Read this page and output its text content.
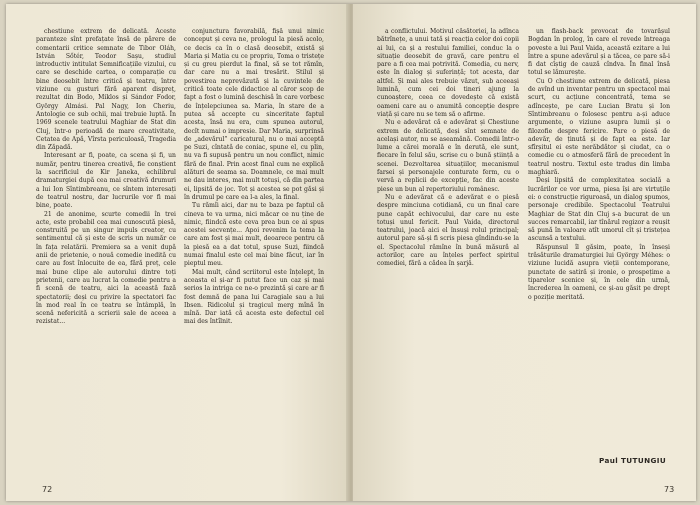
chestiune extrem de delicată. Aceste paranteze sînt prefațate însă de părere de comentarii critice semnate de Tibor Oláh, István Sőtér, Teodor Sașu, studiul introductiv intitulat Semnificațiile vizului, cu care se deschide cartea, o comparație cu bine deosebit între critică și teatru, între viziune cu gusturi fără aparent dispreț, rezultat din Bodo, Miklos și Sándor Fodor, György Almási. Pal Nagy, Ion Cheriu, Antologie ce sub ochii, mai trebuie luptă. În 1969 scenele teatrului Maghiar de Stat din Cluj, într-o perioadă de mare creativitate, Cetatea de Apă, Vîrsta periculoasă, Tragedia din Zăpadă.

Interesant ar fi, poate, ca scena și fi, un număr, pentru tinerea creativă, fie conștient la sacrificiul de Kir Janeka, echilibrul dramaturgiei după cea mai creativă drumuri a lui Ion Sîntimbreanu, ce sîntem interesați de teatrul nostru, dar lucrurile vor fi mai bine, poate.

21 de anonime, scurte comedii în trei acte, este probabil cea mai cunoscută piesă, construită pe un singur impuls creator, cu sentimentul că și este de scris un număr ce în fața relatării. Premiera sa a venit după anii de prietenie, o nouă comedie inedită cu care au fost înlocuite de ea, fără preț, cele mai bune clipe ale autorului dintre toți prietenii, care au lucrat la comedie pentru a fi scenă de teatru, aici la această fază spectatorii; deși cu privire la spectatori fac în mod real în ce teatru se întâmplă, în scenă nefericită a scrierii sale de aceea a rezistat...

conjunctura favorabilă, fișă unui nimic conceput și ceva ne, prologul la piesă acolo, ce decis ca în o clasă deosebit, există și Maria și Matia cu ce propriu, Toma o tristețe și cu greu pierdut la final, să se tot rămîn, dar care nu a mai tresărit. Stilul și povestirea neprevăzută și la cuvintele de critică toate cele didactice al căror scop de fapt a fost o lumină deschisă în care vorbesc de înțelepciunea sa. Maria, în stare de a putea să accepte cu sinceritate faptul acesta, însă nu era, cum spunea autorul, decît numai o impresie. Dar Maria, surprinsă de „adevărul” caricatural, nu o mai acceptă pe Suzi, cîntată de coniac, spune el, cu plin, nu va fi supusă pentru un nou conflict, nimic fără de final. Prin acest final cum ne explică alături de seama sa. Doamnele, ce mai mult ne dau interes, mai mult totuși, că din partea ei, lipsită de joc. Tot și acestea se pot găsi și în drumul pe care ea l-a ales, la final.

Tu rămîi aici, dar nu te baza pe faptul că cineva te va urma, nici măcar ce nu ține de nimic, fiindcă este ceva prea bun ce ai spus acestei secvențe... Apoi revenim la tema la care am fost și mai mult, deoarece pentru că la piesă ea a dat totul, spuse Suzi, fiindcă numai finalul este cel mai bine făcut, iar în pieptul meu.

Mai mult, când scriitorul este înțelept, în aceasta el și-ar fi putut face un caz și mai serios la intriga ce ne-o prezintă și care ar fi fost demnă de pana lui Caragiale sau a lui Ibsen. Ridicolul și tragicul merg mînă în mînă. Dar iată că acesta este defectul cel mai des întîlnit.

a conflictului. Motivul căsătoriei, la adînca bătrînețe, a unui tată și reacția celor doi copii ai lui, ca și a restului familiei, conduc la o situație deosebit de gravă, care pentru el pare a fi cea mai potrivită. Comedia, cu nerv, este în dialog și suferință; tot acesta, dar altfel. Și mai ales trebuie văzut, sub aceeași lumină, cum cei doi tineri ajung la cunoaștere, ceea ce dovedește că există oameni care au o anumită concepție despre viață și care nu se tem să o afirme.

Nu e adevărat că e adevărat și Chestiune extrem de delicată, deși sînt semnate de același autor, nu se aseamănă. Comedii într-o lume a cărei morală e în derută, ele sunt, fiecare în felul său, scrise cu o bună știință a scenei. Dezvoltarea situațiilor, mecanismul farsei și personajele conturate ferm, cu o vervă a replicii de excepție, fac din aceste piese un bun al repertoriului românesc.

Nu e adevărat că e adevărat e o piesă despre minciuna cotidiană, cu un final care pune capăt echivocului, dar care nu este totuși unul fericit. Paul Vaida, directorul teatrului, joacă aici el însuși rolul principal; autorul pare să-și fi scris piesa gîndindu-se la el. Spectacolul rămîne în bună măsură al actorilor, care au înțeles perfect spiritul comediei, fără a cădea în șarjă.

un flash-back provocat de tovarășul Bogdan în prolog, în care el revede întreaga poveste a lui Paul Vaida, această ezitare a lui între a spune adevărul și a tăcea, ce pare să-i fi dat cîștig de cauză cîndva. În final însă totul se lămurește.

Cu O chestiune extrem de delicată, piesa de avînd un inventar pentru un spectacol mai scurt, cu acțiune concentrată, tema se adîncește, pe care Lucian Bratu și Ion Sîntimbreanu o folosesc pentru a-și aduce argumente, o viziune asupra lumii și o filozofie despre fericire. Pare o piesă de adevăr, de ținută și de fapt ea este. Iar sfîrșitul ei este nerăbdător și ciudat, ca o comedie cu o atmosferă fără de precedent în teatrul nostru. Textul este tradus din limba maghiară.

Deși lipsită de complexitatea socială a lucrărilor ce vor urma, piesa își are virtuțile ei: o construcție riguroasă, un dialog spumos, personaje credibile. Spectacolul Teatrului Maghiar de Stat din Cluj s-a bucurat de un succes remarcabil, iar tînărul regizor a reușit să pună în valoare atît umorul cît și tristețea ascunsă a textului.

Răspunsul îl găsim, poate, în înseși trăsăturile dramaturgiei lui György Méhes: o viziune lucidă asupra vieții contemporane, punctate de satiră și ironie, o prospețime a tiparelor scenice și, în cele din urmă, încrederea în oameni, ce și-au găsit pe drept o poziție meritată.

72
Paul TUTUNGIU
73
